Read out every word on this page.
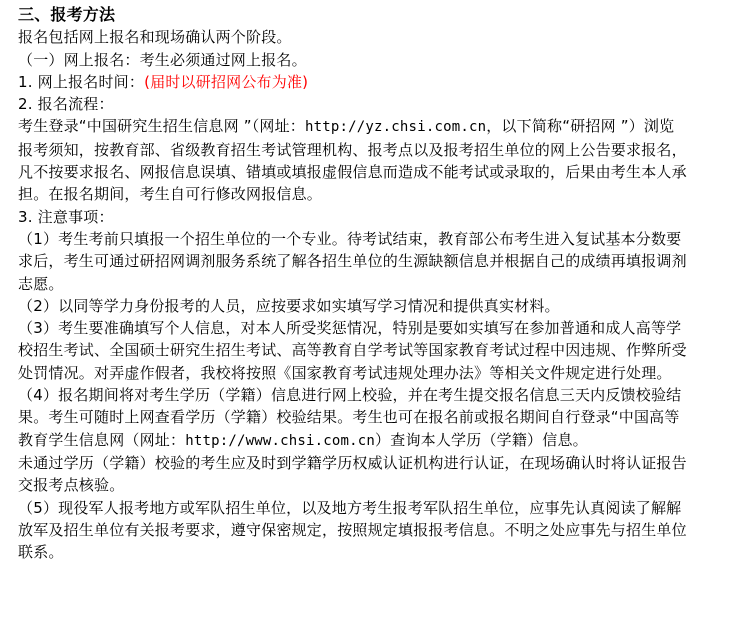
三、报考方法
报名包括网上报名和现场确认两个阶段。
（一）网上报名：考生必须通过网上报名。
1. 网上报名时间：(届时以研招网公布为准)
2. 报名流程：
考生登录“中国研究生招生信息网 ”（网址：http://yz.chsi.com.cn，以下简称“研招网 ”）浏览
报考须知，按教育部、省级教育招生考试管理机构、报考点以及报考招生单位的网上公告要求报名，
凡不按要求报名、网报信息误填、错填或填报虚假信息而造成不能考试或录取的，后果由考生本人承
担。在报名期间，考生自可行修改网报信息。
3. 注意事项：
（1）考生考前只填报一个招生单位的一个专业。待考试结束，教育部公布考生进入复试基本分数要
求后，考生可通过研招网调剂服务系统了解各招生单位的生源缺额信息并根据自己的成绩再填报调剂
志愿。
（2）以同等学力身份报考的人员，应按要求如实填写学习情况和提供真实材料。
（3）考生要准确填写个人信息，对本人所受奖惩情况，特别是要如实填写在参加普通和成人高等学
校招生考试、全国硕士研究生招生考试、高等教育自学考试等国家教育考试过程中因违规、作弊所受
处罚情况。对弄虚作假者，我校将按照《国家教育考试违规处理办法》等相关文件规定进行处理。
（4）报名期间将对考生学历（学籍）信息进行网上校验，并在考生提交报名信息三天内反馈校验结
果。考生可随时上网查看学历（学籍）校验结果。考生也可在报名前或报名期间自行登录“中国高等
教育学生信息网（网址：http://www.chsi.com.cn）查询本人学历（学籍）信息。
未通过学历（学籍）校验的考生应及时到学籍学历权威认证机构进行认证，在现场确认时将认证报告
交报考点核验。
（5）现役军人报考地方或军队招生单位，以及地方考生报考军队招生单位，应事先认真阅读了解解
放军及招生单位有关报考要求，遵守保密规定，按照规定填报报考信息。不明之处应事先与招生单位
联系。
